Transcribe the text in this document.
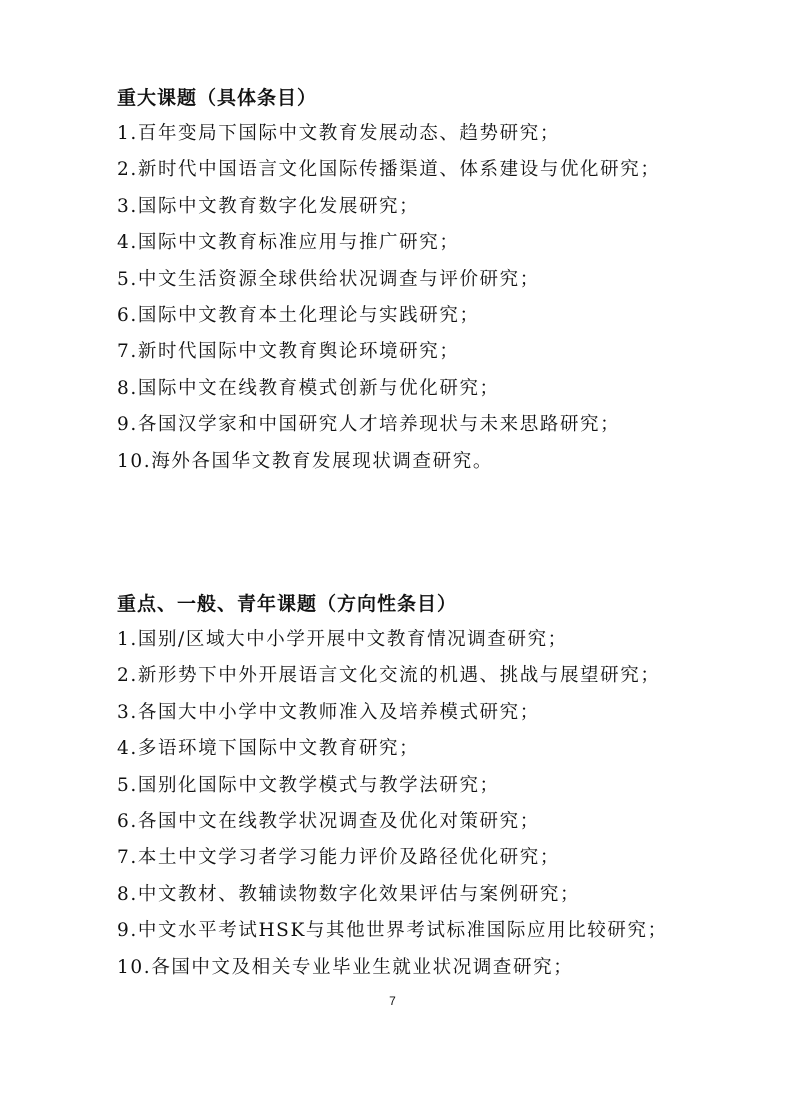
重大课题（具体条目）
1.百年变局下国际中文教育发展动态、趋势研究；
2.新时代中国语言文化国际传播渠道、体系建设与优化研究；
3.国际中文教育数字化发展研究；
4.国际中文教育标准应用与推广研究；
5.中文生活资源全球供给状况调查与评价研究；
6.国际中文教育本土化理论与实践研究；
7.新时代国际中文教育舆论环境研究；
8.国际中文在线教育模式创新与优化研究；
9.各国汉学家和中国研究人才培养现状与未来思路研究；
10.海外各国华文教育发展现状调查研究。
重点、一般、青年课题（方向性条目）
1.国别/区域大中小学开展中文教育情况调查研究；
2.新形势下中外开展语言文化交流的机遇、挑战与展望研究；
3.各国大中小学中文教师准入及培养模式研究；
4.多语环境下国际中文教育研究；
5.国别化国际中文教学模式与教学法研究；
6.各国中文在线教学状况调查及优化对策研究；
7.本土中文学习者学习能力评价及路径优化研究；
8.中文教材、教辅读物数字化效果评估与案例研究；
9.中文水平考试HSK与其他世界考试标准国际应用比较研究；
10.各国中文及相关专业毕业生就业状况调查研究；
7
